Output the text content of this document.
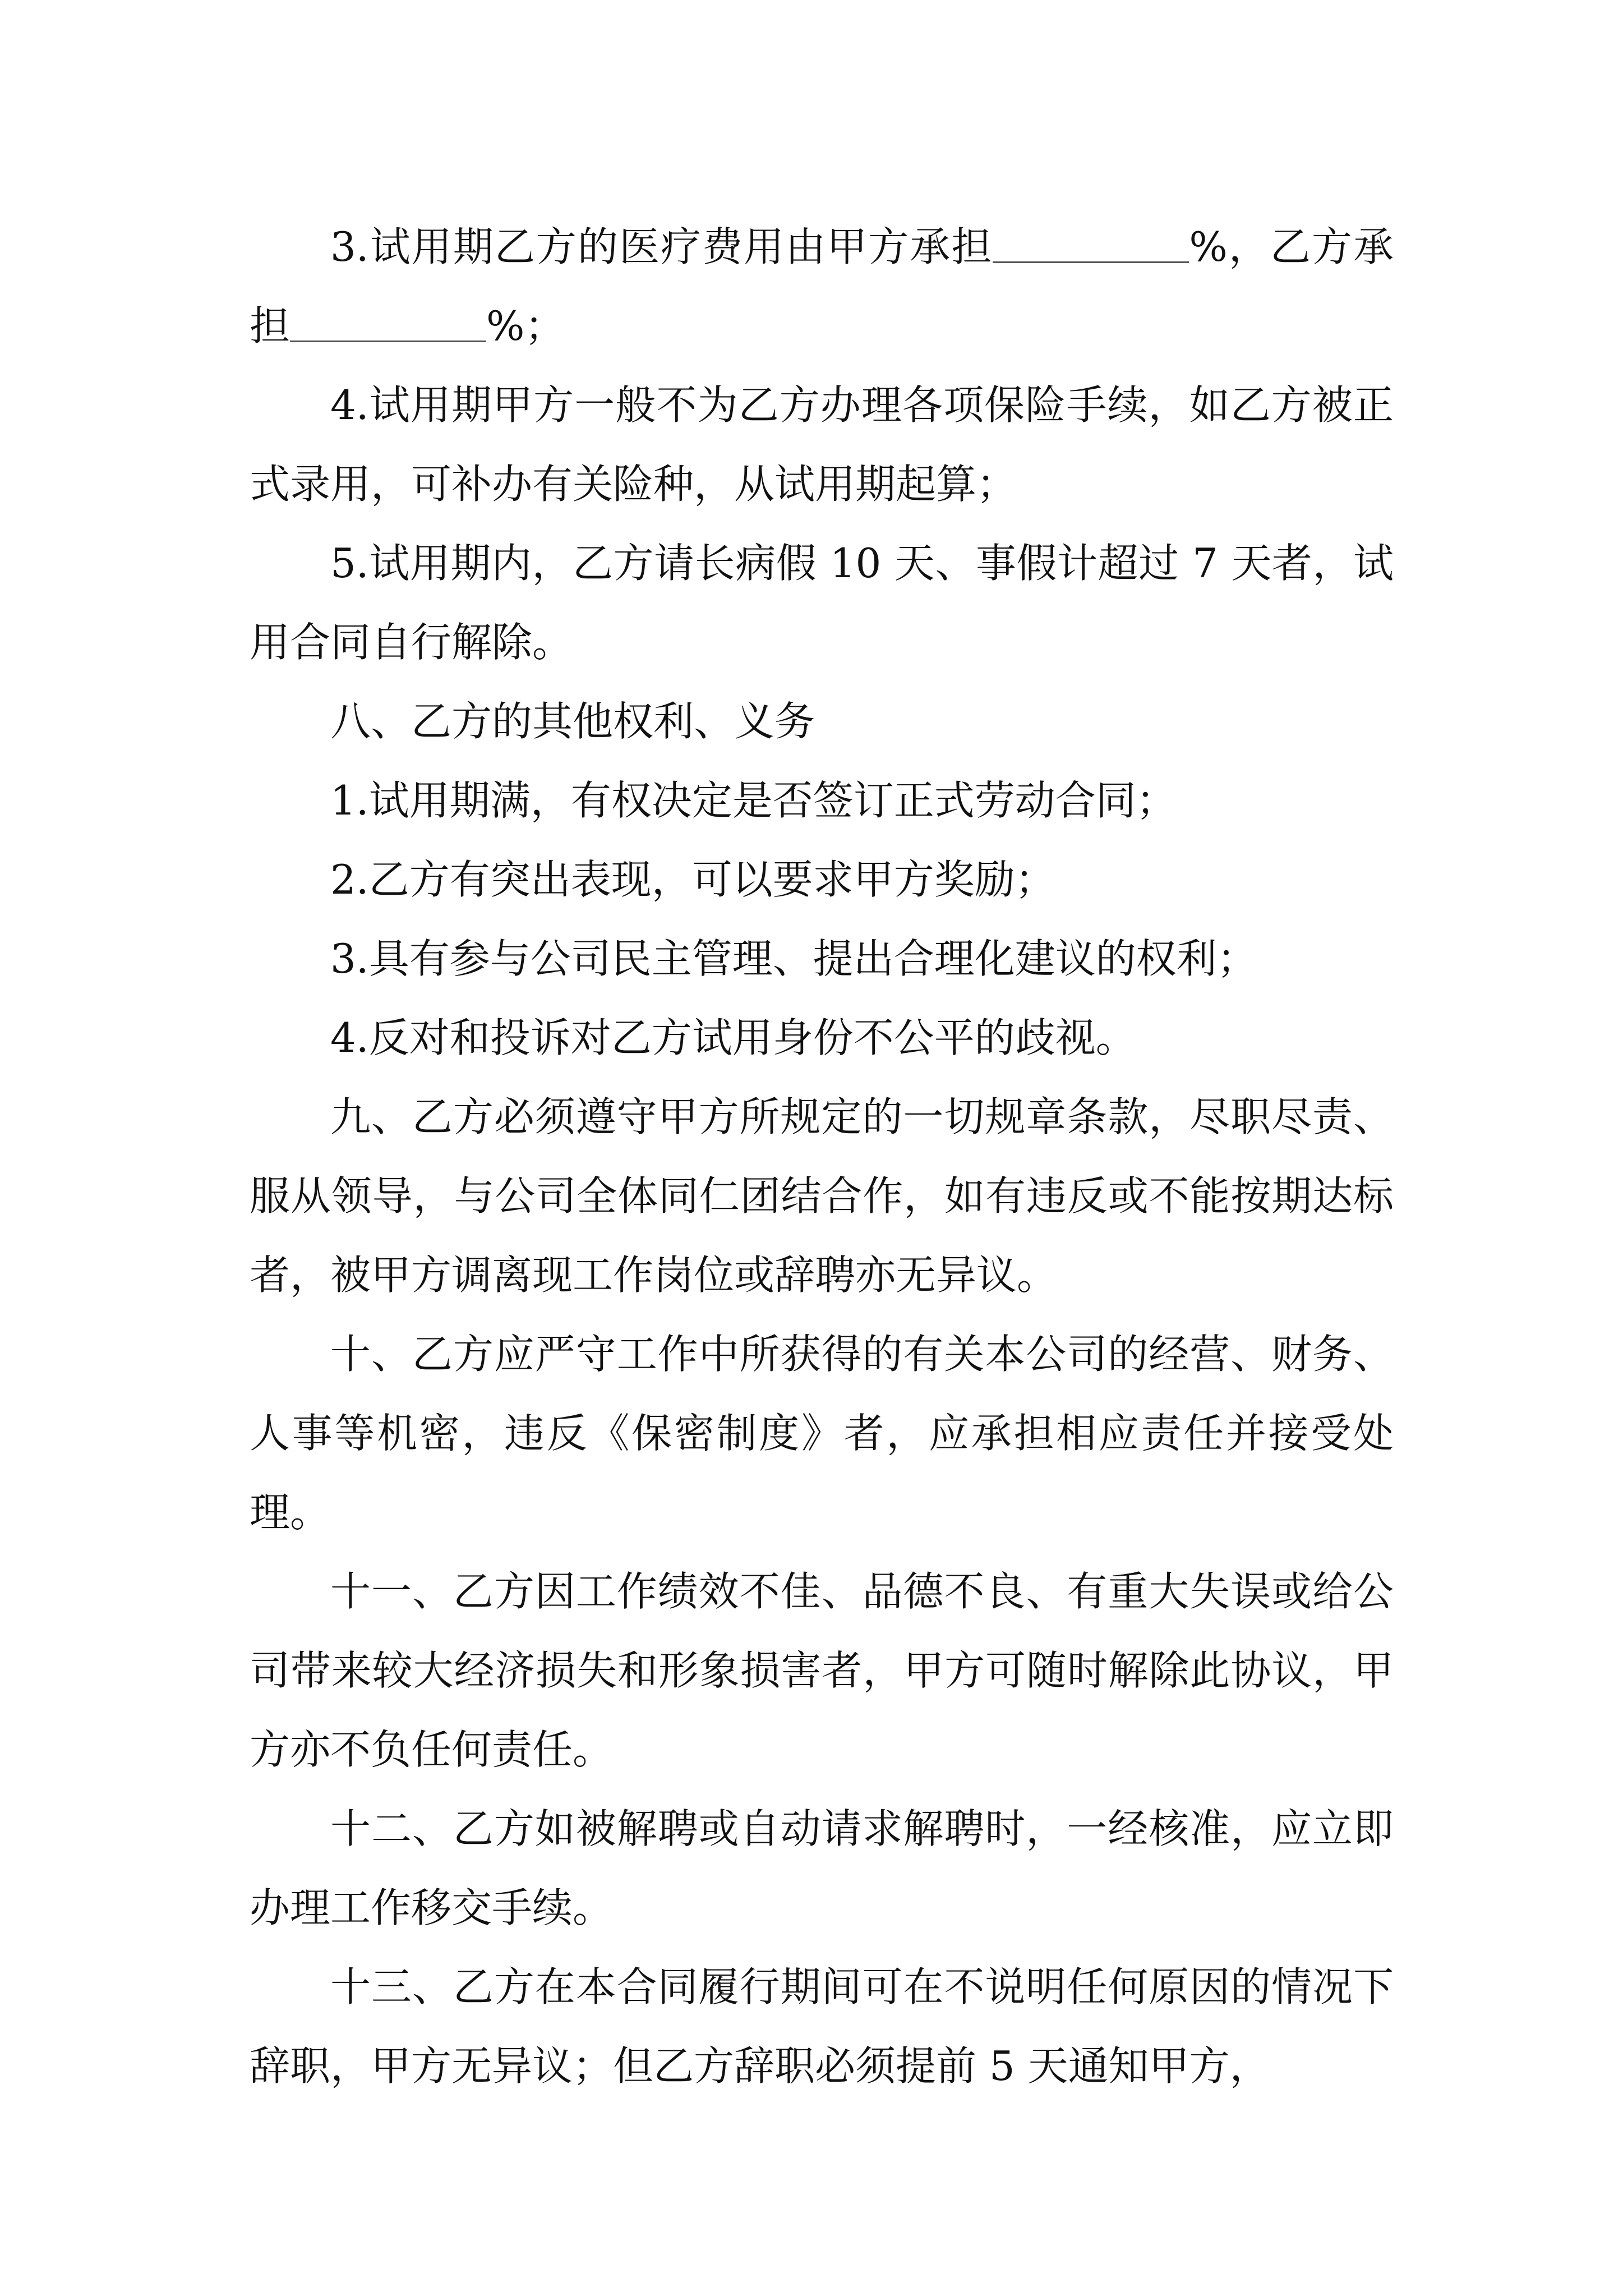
3.试用期乙方的医疗费用由甲方承担	%，乙方承担	%；

4.试用期甲方一般不为乙方办理各项保险手续，如乙方被正式录用，可补办有关险种，从试用期起算；

5.试用期内，乙方请长病假 10 天、事假计超过 7 天者，试用合同自行解除。

八、乙方的其他权利、义务

1.试用期满，有权决定是否签订正式劳动合同；

2.乙方有突出表现，可以要求甲方奖励；

3.具有参与公司民主管理、提出合理化建议的权利；

4.反对和投诉对乙方试用身份不公平的歧视。

九、乙方必须遵守甲方所规定的一切规章条款，尽职尽责、服从领导，与公司全体同仁团结合作，如有违反或不能按期达标者，被甲方调离现工作岗位或辞聘亦无异议。

十、乙方应严守工作中所获得的有关本公司的经营、财务、人事等机密，违反《保密制度》者，应承担相应责任并接受处理。

十一、乙方因工作绩效不佳、品德不良、有重大失误或给公司带来较大经济损失和形象损害者，甲方可随时解除此协议，甲方亦不负任何责任。

十二、乙方如被解聘或自动请求解聘时，一经核准，应立即办理工作移交手续。

十三、乙方在本合同履行期间可在不说明任何原因的情况下辞职，甲方无异议；但乙方辞职必须提前 5 天通知甲方，
